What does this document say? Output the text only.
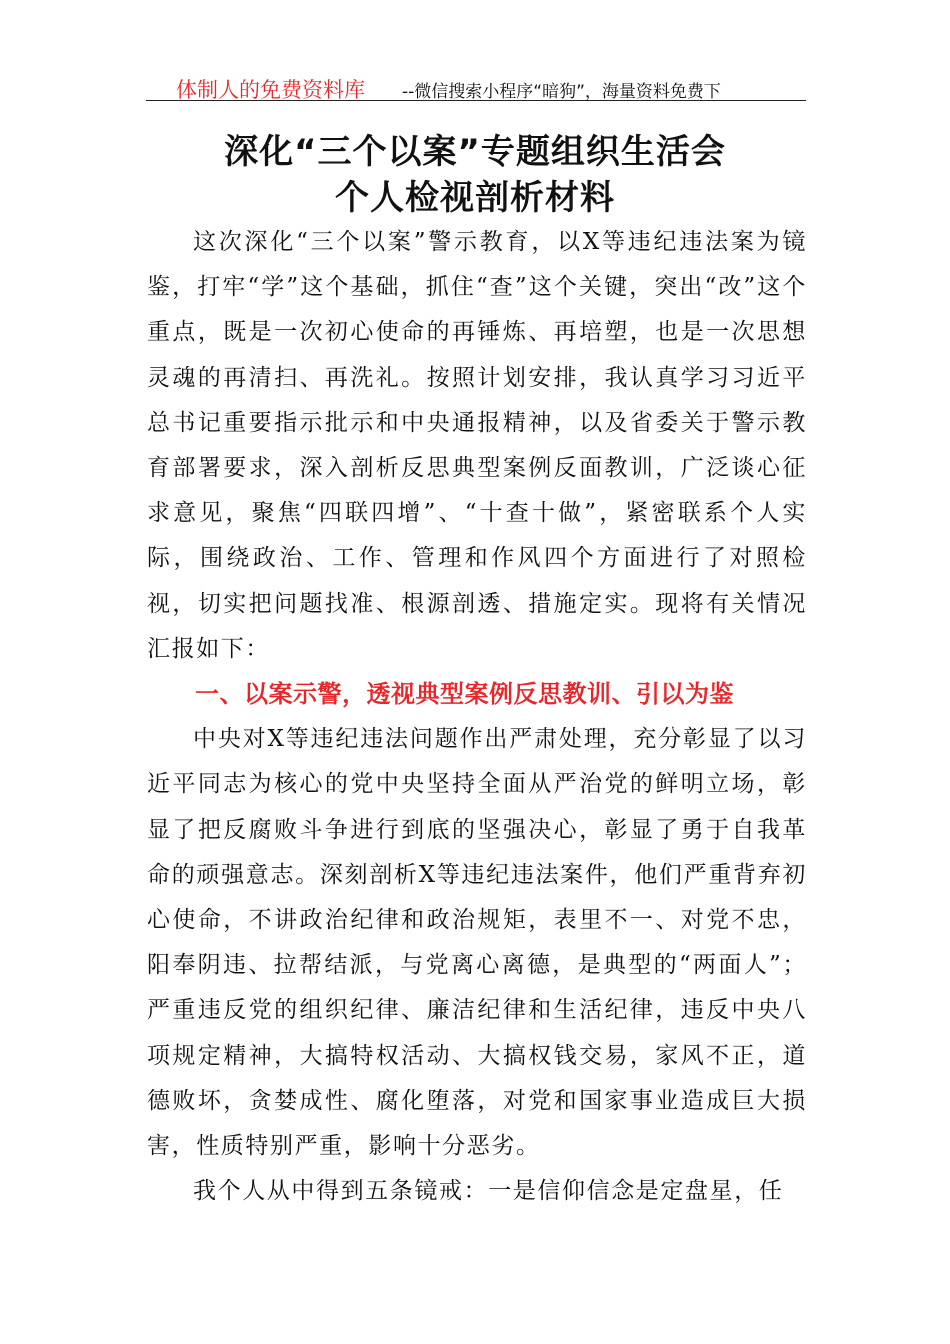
体制人的免费资料库 --微信搜索小程序“暗狗”，海量资料免费下
深化“三个以案”专题组织生活会
个人检视剖析材料

这次深化“三个以案”警示教育，以X等违纪违法案为镜鉴，打牢“学”这个基础，抓住“查”这个关键，突出“改”这个重点，既是一次初心使命的再锤炼、再培塑，也是一次思想灵魂的再清扫、再洗礼。按照计划安排，我认真学习习近平总书记重要指示批示和中央通报精神，以及省委关于警示教育部署要求，深入剖析反思典型案例反面教训，广泛谈心征求意见，聚焦“四联四增”、“十查十做”，紧密联系个人实际，围绕政治、工作、管理和作风四个方面进行了对照检视，切实把问题找准、根源剖透、措施定实。现将有关情况汇报如下：

一、以案示警，透视典型案例反思教训、引以为鉴

中央对X等违纪违法问题作出严肃处理，充分彰显了以习近平同志为核心的党中央坚持全面从严治党的鲜明立场，彰显了把反腐败斗争进行到底的坚强决心，彰显了勇于自我革命的顽强意志。深刻剖析X等违纪违法案件，他们严重背弃初心使命，不讲政治纪律和政治规矩，表里不一、对党不忠，阳奉阴违、拉帮结派，与党离心离德，是典型的“两面人”；严重违反党的组织纪律、廉洁纪律和生活纪律，违反中央八项规定精神，大搞特权活动、大搞权钱交易，家风不正，道德败坏，贪婪成性、腐化堕落，对党和国家事业造成巨大损害，性质特别严重，影响十分恶劣。

我个人从中得到五条镜戒：一是信仰信念是定盘星，任
